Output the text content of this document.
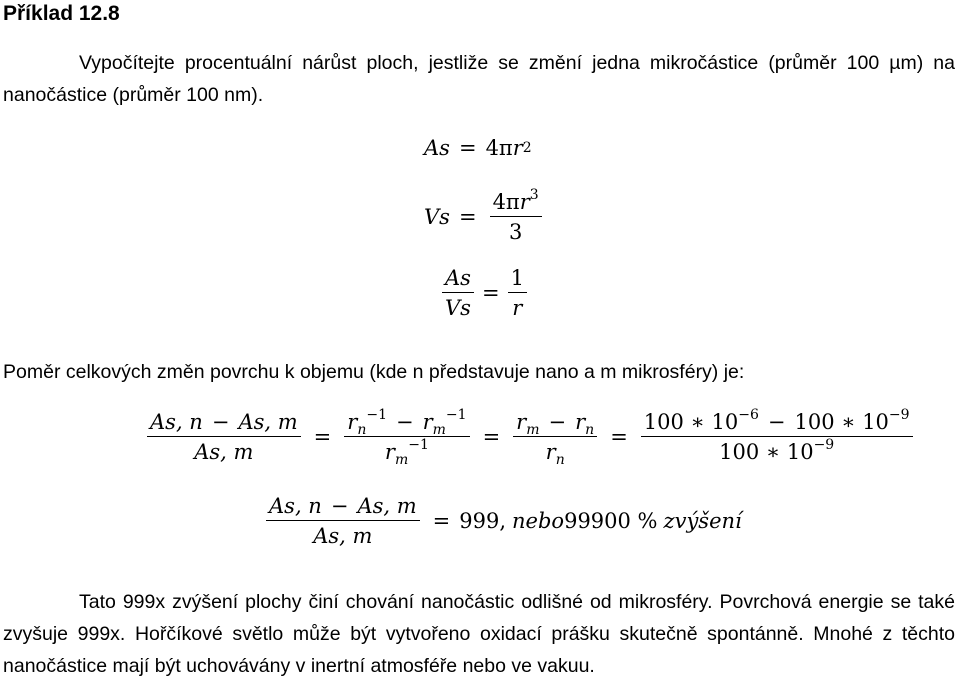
Příklad 12.8
Vypočítejte procentuální nárůst ploch, jestliže se změní jedna mikročástice (průměr 100 µm) na nanočástice (průměr 100 nm).
As = 4π r 2
$Vs = \frac{4\pi r^3}{3}$
$\frac{As}{Vs} = \frac{1}{r}$
Poměr celkových změn povrchu k objemu (kde n představuje nano a m mikrosféry) je:
$\frac{As, n - As, m}{As, m} = \frac{r_n^{-1} - r_m^{-1}}{r_m^{-1}} = \frac{r_m - r_n}{r_n} = \frac{100 ∗ 10^{-6} - 100 ∗ 10^{-9}}{100 ∗ 10^{-9}}$
$\frac{As, n - As, m}{As, m} = 999$, nebo 99900 % zvýšení
Tato 999x zvýšení plochy činí chování nanočástic odlišné od mikrosféry. Povrchová energie se také zvyšuje 999x. Hořčíkové světlo může být vytvořeno oxidací prášku skutečně spontánně. Mnohé z těchto nanočástice mají být uchovávány v inertní atmosféře nebo ve vakuu.
